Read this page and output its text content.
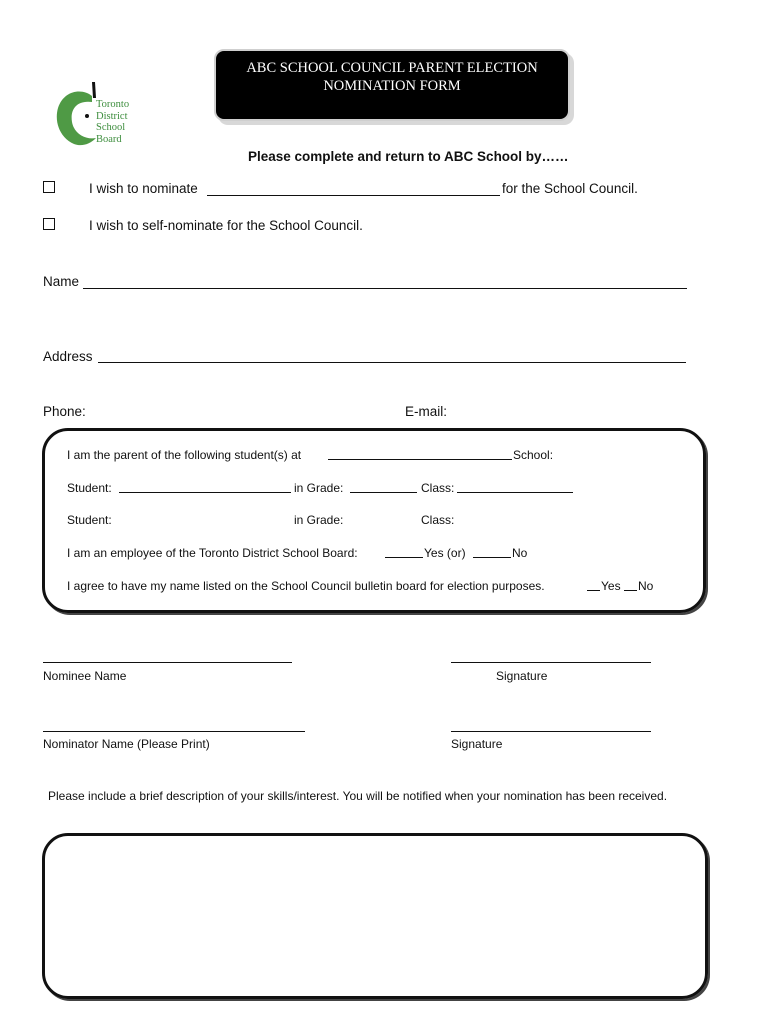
ABC SCHOOL COUNCIL PARENT ELECTION
NOMINATION FORM
Toronto
District
School
Board
Please complete and return to ABC School by……
I wish to nominate	for the School Council.
I wish to self-nominate for the School Council.
Name
Address
Phone:	E-mail:
I am the parent of the following student(s) at	School:
Student:	in Grade:	Class:
Student:	in Grade:	Class:
I am an employee of the Toronto District School Board:	Yes (or)	No
I agree to have my name listed on the School Council bulletin board for election purposes.	Yes No
Nominee Name	Signature
Nominator Name (Please Print)	Signature
Please include a brief description of your skills/interest. You will be notified when your nomination has been received.
